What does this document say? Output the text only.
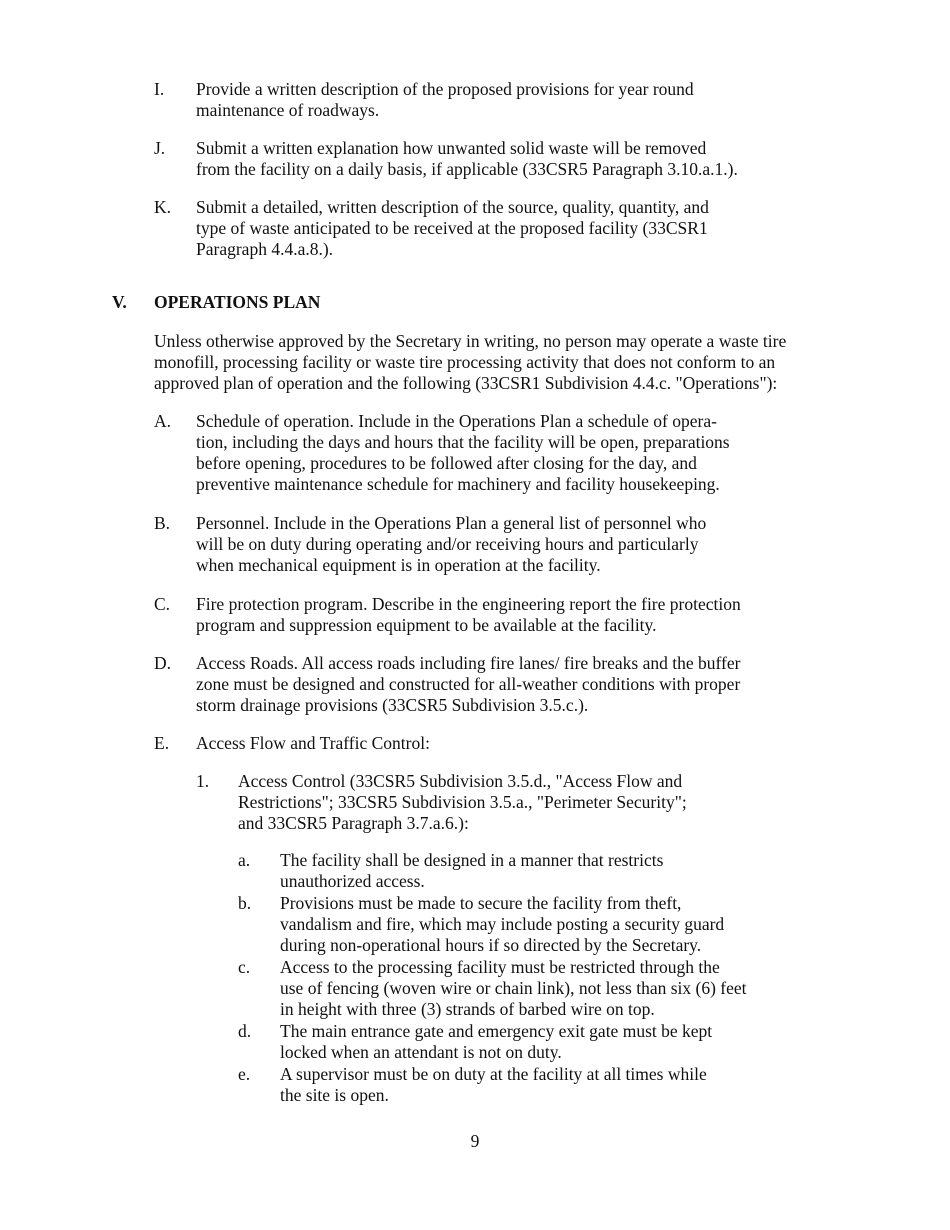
I. Provide a written description of the proposed provisions for year round
maintenance of roadways.
J. Submit a written explanation how unwanted solid waste will be removed
from the facility on a daily basis, if applicable (33CSR5 Paragraph 3.10.a.1.).
K. Submit a detailed, written description of the source, quality, quantity, and
type of waste anticipated to be received at the proposed facility (33CSR1
Paragraph 4.4.a.8.).
V. OPERATIONS PLAN
Unless otherwise approved by the Secretary in writing, no person may operate a waste tire
monofill, processing facility or waste tire processing activity that does not conform to an
approved plan of operation and the following (33CSR1 Subdivision 4.4.c. "Operations"):
A. Schedule of operation. Include in the Operations Plan a schedule of opera-
tion, including the days and hours that the facility will be open, preparations
before opening, procedures to be followed after closing for the day, and
preventive maintenance schedule for machinery and facility housekeeping.
B. Personnel. Include in the Operations Plan a general list of personnel who
will be on duty during operating and/or receiving hours and particularly
when mechanical equipment is in operation at the facility.
C. Fire protection program. Describe in the engineering report the fire protection
program and suppression equipment to be available at the facility.
D. Access Roads. All access roads including fire lanes/ fire breaks and the buffer
zone must be designed and constructed for all-weather conditions with proper
storm drainage provisions (33CSR5 Subdivision 3.5.c.).
E. Access Flow and Traffic Control:
1. Access Control (33CSR5 Subdivision 3.5.d., "Access Flow and
Restrictions"; 33CSR5 Subdivision 3.5.a., "Perimeter Security";
and 33CSR5 Paragraph 3.7.a.6.):
a. The facility shall be designed in a manner that restricts
unauthorized access.
b. Provisions must be made to secure the facility from theft,
vandalism and fire, which may include posting a security guard
during non-operational hours if so directed by the Secretary.
c. Access to the processing facility must be restricted through the
use of fencing (woven wire or chain link), not less than six (6) feet
in height with three (3) strands of barbed wire on top.
d. The main entrance gate and emergency exit gate must be kept
locked when an attendant is not on duty.
e. A supervisor must be on duty at the facility at all times while
the site is open.
9
